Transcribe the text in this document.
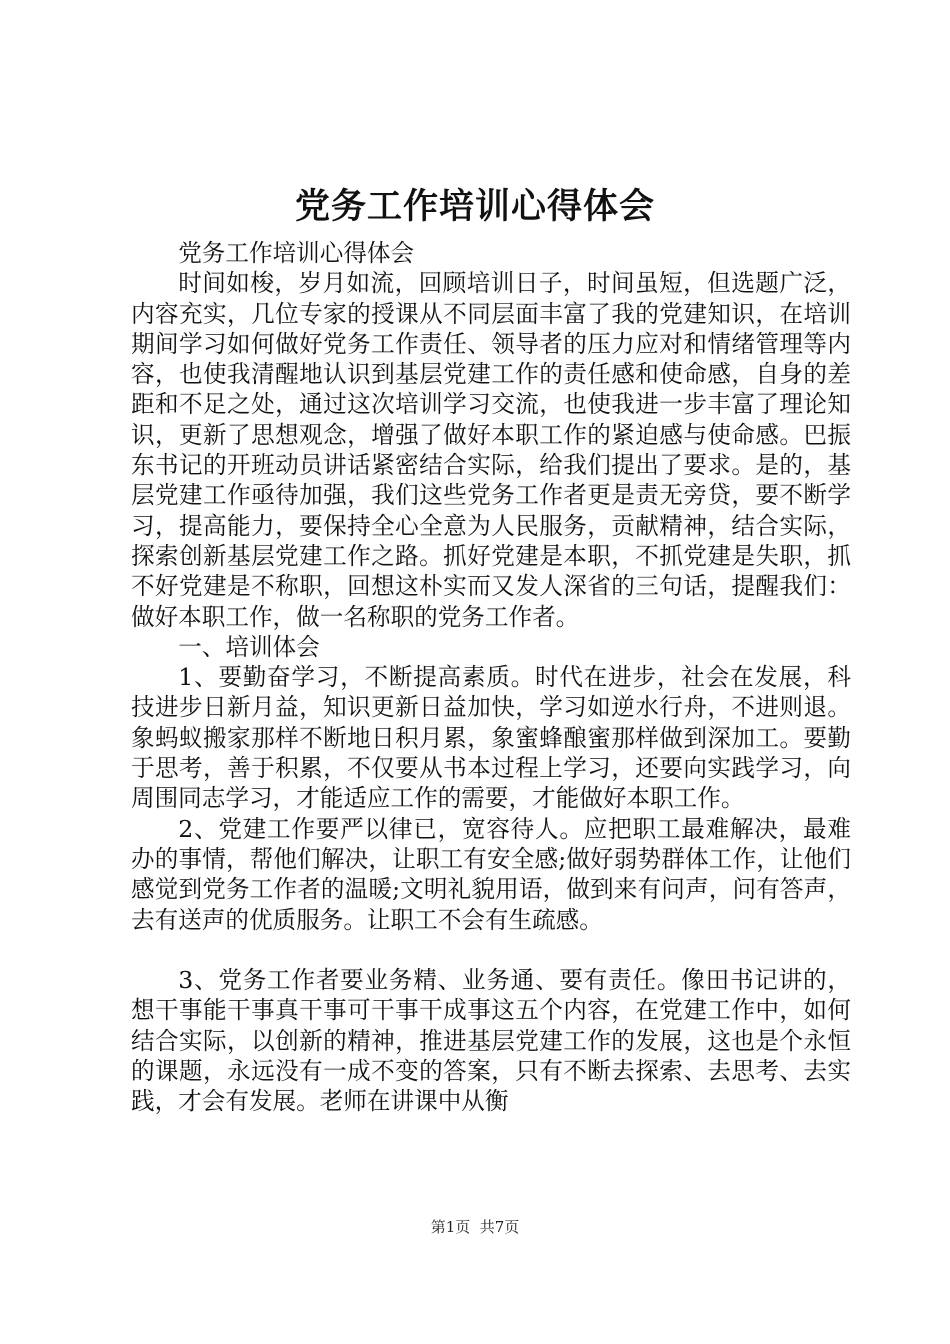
党务工作培训心得体会

党务工作培训心得体会

时间如梭，岁月如流，回顾培训日子，时间虽短，但选题广泛，内容充实，几位专家的授课从不同层面丰富了我的党建知识，在培训期间学习如何做好党务工作责任、领导者的压力应对和情绪管理等内容，也使我清醒地认识到基层党建工作的责任感和使命感，自身的差距和不足之处，通过这次培训学习交流，也使我进一步丰富了理论知识，更新了思想观念，增强了做好本职工作的紧迫感与使命感。巴振东书记的开班动员讲话紧密结合实际，给我们提出了要求。是的，基层党建工作亟待加强，我们这些党务工作者更是责无旁贷，要不断学习，提高能力，要保持全心全意为人民服务，贡献精神，结合实际，探索创新基层党建工作之路。抓好党建是本职，不抓党建是失职，抓不好党建是不称职，回想这朴实而又发人深省的三句话，提醒我们：做好本职工作，做一名称职的党务工作者。

一、培训体会

1、要勤奋学习，不断提高素质。时代在进步，社会在发展，科技进步日新月益，知识更新日益加快，学习如逆水行舟，不进则退。象蚂蚁搬家那样不断地日积月累，象蜜蜂酿蜜那样做到深加工。要勤于思考，善于积累，不仅要从书本过程上学习，还要向实践学习，向周围同志学习，才能适应工作的需要，才能做好本职工作。

2、党建工作要严以律已，宽容待人。应把职工最难解决，最难办的事情，帮他们解决，让职工有安全感;做好弱势群体工作，让他们感觉到党务工作者的温暖;文明礼貌用语，做到来有问声，问有答声，去有送声的优质服务。让职工不会有生疏感。

3、党务工作者要业务精、业务通、要有责任。像田书记讲的，想干事能干事真干事可干事干成事这五个内容，在党建工作中，如何结合实际，以创新的精神，推进基层党建工作的发展，这也是个永恒的课题，永远没有一成不变的答案，只有不断去探索、去思考、去实践，才会有发展。老师在讲课中从衡

第1页  共7页
